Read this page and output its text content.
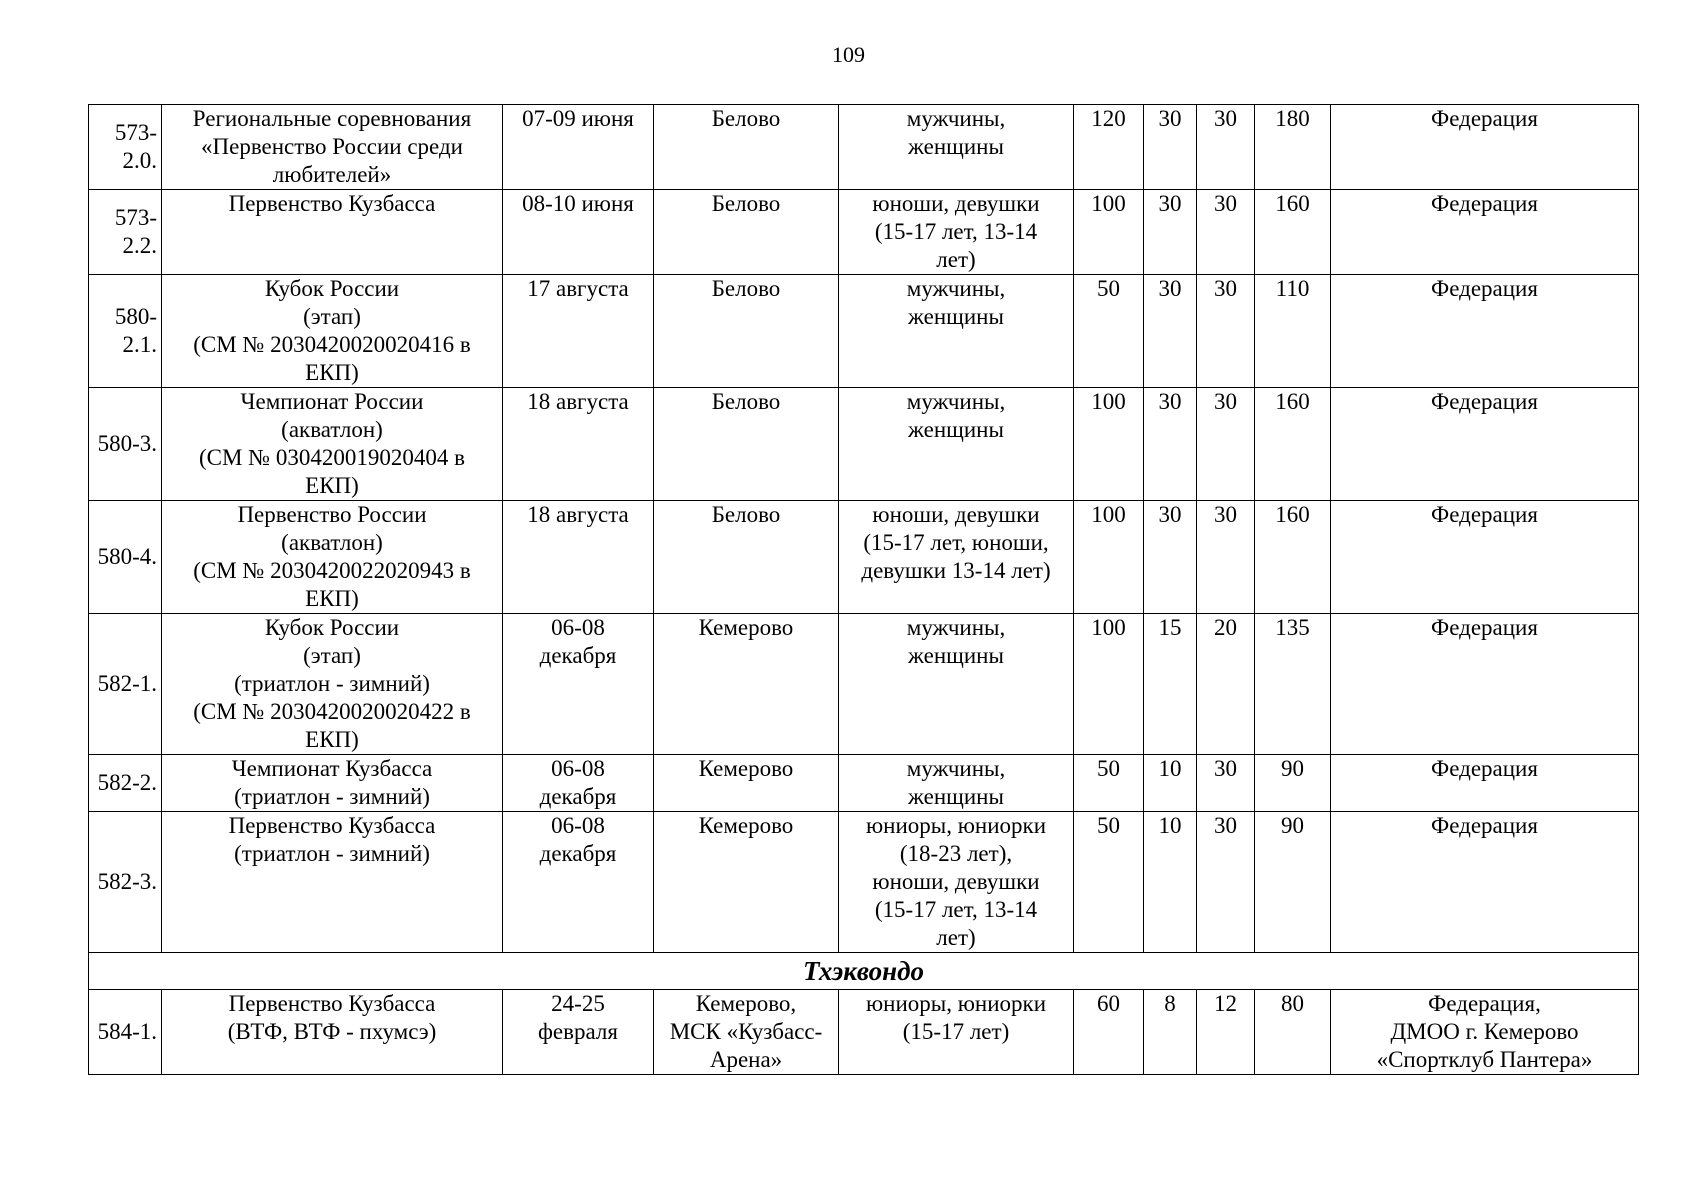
109
573-
2.0.	Региональные соревнования
«Первенство России среди
любителей»	07-09 июня	Белово	мужчины,
женщины	120	30	30	180	Федерация

573-
2.2.	Первенство Кузбасса	08-10 июня	Белово	юноши, девушки
(15-17 лет, 13-14
лет)	100	30	30	160	Федерация

580-
2.1.	Кубок России
(этап)
(СМ № 2030420020020416 в
ЕКП)	17 августа	Белово	мужчины,
женщины	50	30	30	110	Федерация

580-3.	Чемпионат России
(акватлон)
(СМ № 030420019020404 в
ЕКП)	18 августа	Белово	мужчины,
женщины	100	30	30	160	Федерация

580-4.	Первенство России
(акватлон)
(СМ № 2030420022020943 в
ЕКП)	18 августа	Белово	юноши, девушки
(15-17 лет, юноши,
девушки 13-14 лет)	100	30	30	160	Федерация

582-1.	Кубок России
(этап)
(триатлон - зимний)
(СМ № 2030420020020422 в
ЕКП)	06-08
декабря	Кемерово	мужчины,
женщины	100	15	20	135	Федерация

582-2.	Чемпионат Кузбасса
(триатлон - зимний)	06-08
декабря	Кемерово	мужчины,
женщины	50	10	30	90	Федерация

582-3.	Первенство Кузбасса
(триатлон - зимний)	06-08
декабря	Кемерово	юниоры, юниорки
(18-23 лет),
юноши, девушки
(15-17 лет, 13-14
лет)	50	10	30	90	Федерация

Тхэквондо									

584-1.	Первенство Кузбасса
(ВТФ, ВТФ - пхумсэ)	24-25
февраля	Кемерово,
МСК «Кузбасс-
Арена»	юниоры, юниорки
(15-17 лет)	60	8	12	80	Федерация,
ДМОО г. Кемерово
«Спортклуб Пантера»
